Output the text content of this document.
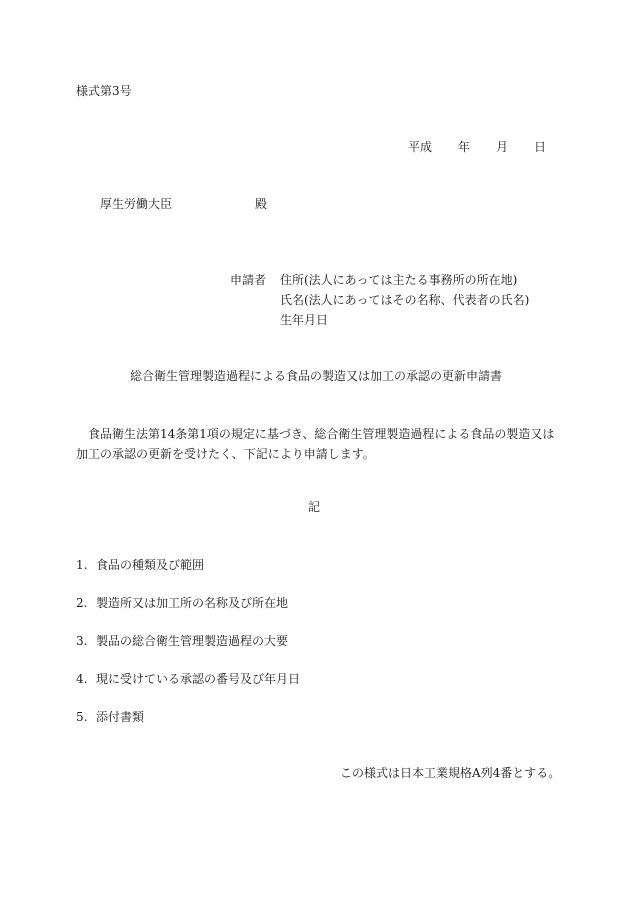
様式第3号
平成 年 月 日
厚生労働大臣	殿
申請者 住所(法人にあっては主たる事務所の所在地)
氏名(法人にあってはその名称、代表者の氏名)
生年月日
総合衛生管理製造過程による食品の製造又は加工の承認の更新申請書
食品衛生法第14条第1項の規定に基づき、総合衛生管理製造過程による食品の製造又は加工の承認の更新を受けたく、下記により申請します。
記
1. 食品の種類及び範囲
2. 製造所又は加工所の名称及び所在地
3. 製品の総合衛生管理製造過程の大要
4. 現に受けている承認の番号及び年月日
5. 添付書類
この様式は日本工業規格A列4番とする。
